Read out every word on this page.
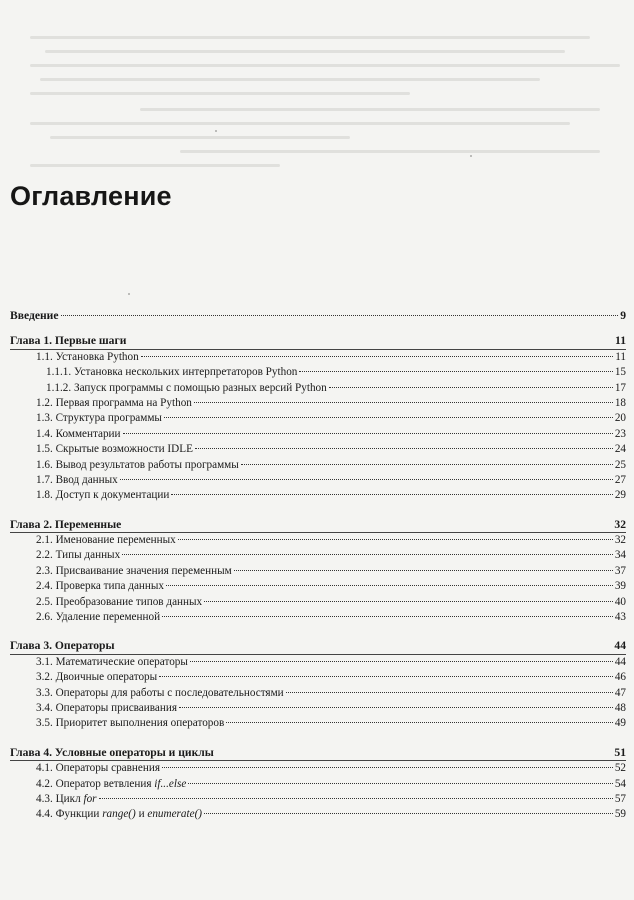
Оглавление
Введение	9
Глава 1. Первые шаги	11
1.1. Установка Python	11
1.1.1. Установка нескольких интерпретаторов Python	15
1.1.2. Запуск программы с помощью разных версий Python	17
1.2. Первая программа на Python	18
1.3. Структура программы	20
1.4. Комментарии	23
1.5. Скрытые возможности IDLE	24
1.6. Вывод результатов работы программы	25
1.7. Ввод данных	27
1.8. Доступ к документации	29
Глава 2. Переменные	32
2.1. Именование переменных	32
2.2. Типы данных	34
2.3. Присваивание значения переменным	37
2.4. Проверка типа данных	39
2.5. Преобразование типов данных	40
2.6. Удаление переменной	43
Глава 3. Операторы	44
3.1. Математические операторы	44
3.2. Двоичные операторы	46
3.3. Операторы для работы с последовательностями	47
3.4. Операторы присваивания	48
3.5. Приоритет выполнения операторов	49
Глава 4. Условные операторы и циклы	51
4.1. Операторы сравнения	52
4.2. Оператор ветвления if...else	54
4.3. Цикл for	57
4.4. Функции range() и enumerate()	59
